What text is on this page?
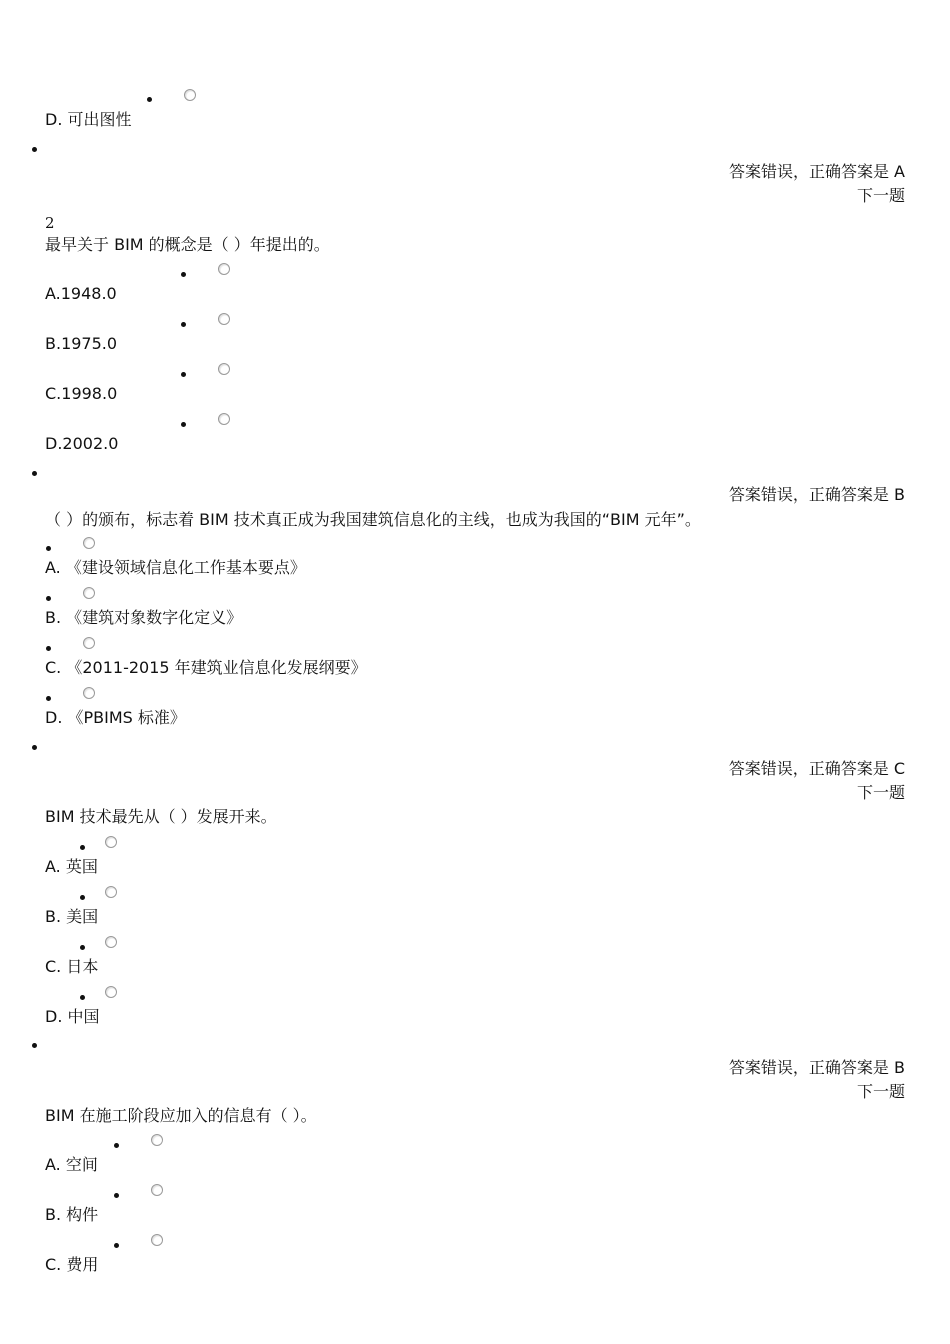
D. 可出图性
答案错误，正确答案是 A
下一题
2
最早关于 BIM 的概念是（ ）年提出的。
A.1948.0
B.1975.0
C.1998.0
D.2002.0
答案错误，正确答案是 B
（ ）的颁布，标志着 BIM 技术真正成为我国建筑信息化的主线，也成为我国的“BIM 元年”。
A. 《建设领域信息化工作基本要点》
B. 《建筑对象数字化定义》
C. 《2011-2015 年建筑业信息化发展纲要》
D. 《PBIMS 标准》
答案错误，正确答案是 C
下一题
BIM 技术最先从（ ）发展开来。
A. 英国
B. 美国
C. 日本
D. 中国
答案错误，正确答案是 B
下一题
BIM 在施工阶段应加入的信息有（ ）。
A. 空间
B. 构件
C. 费用
